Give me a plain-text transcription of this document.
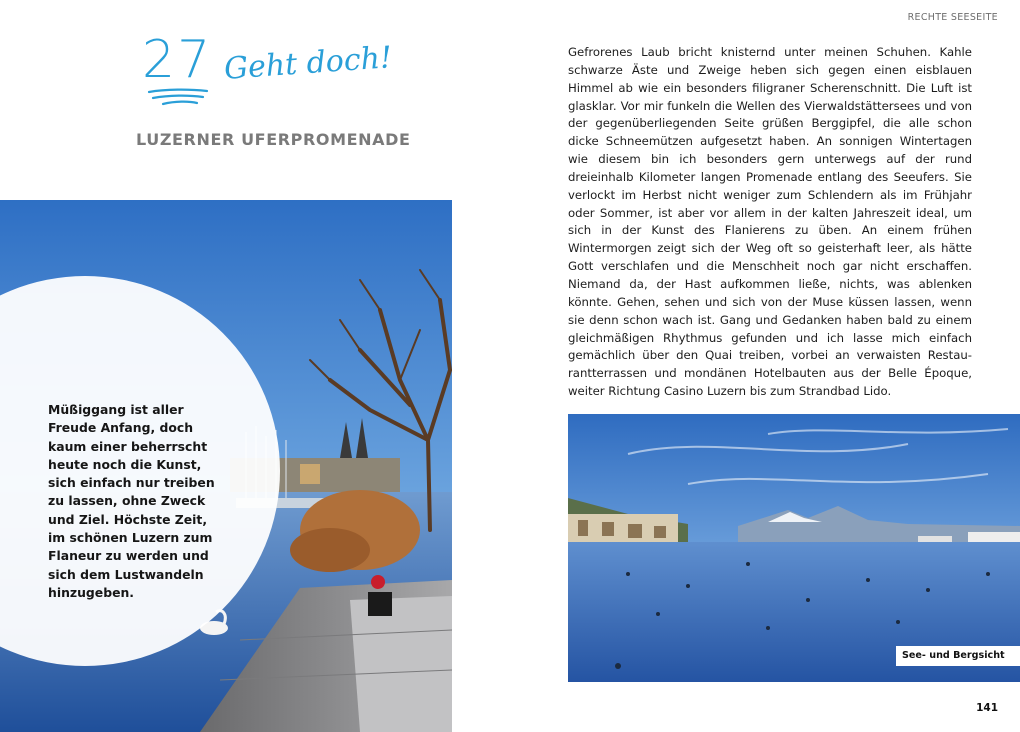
27 Geht doch!
LUZERNER UFERPROMENADE
Müßiggang ist aller Freude Anfang, doch kaum einer beherrscht heute noch die Kunst, sich einfach nur treiben zu lassen, ohne Zweck und Ziel. Höchste Zeit, im schönen Luzern zum Flaneur zu werden und sich dem Lustwandeln hinzugeben.
RECHTE SEESEITE
Gefrorenes Laub bricht knisternd unter meinen Schuhen. Kahle schwarze Äste und Zweige heben sich gegen einen eisblauen Himmel ab wie ein besonders filigraner Scherenschnitt. Die Luft ist glasklar. Vor mir funkeln die Wellen des Vierwaldstättersees und von der gegenüberliegenden Seite grüßen Berggipfel, die alle schon dicke Schneemützen aufgesetzt haben. An sonnigen Wintertagen wie diesem bin ich besonders gern unterwegs auf der rund dreieinhalb Kilometer langen Promenade entlang des Seeufers. Sie verlockt im Herbst nicht weniger zum Schlendern als im Frühjahr oder Sommer, ist aber vor allem in der kalten Jahreszeit ideal, um sich in der Kunst des Flanierens zu üben. An einem frühen Wintermorgen zeigt sich der Weg oft so geisterhaft leer, als hätte Gott verschlafen und die Menschheit noch gar nicht erschaffen. Niemand da, der Hast aufkommen ließe, nichts, was ablenken könnte. Gehen, sehen und sich von der Muse küssen lassen, wenn sie denn schon wach ist. Gang und Gedanken haben bald zu einem gleichmäßigen Rhythmus gefunden und ich lasse mich einfach gemächlich über den Quai treiben, vorbei an verwaisten Restaurantterrassen und mondänen Hotelbauten aus der Belle Époque, weiter Richtung Casino Luzern bis zum Strandbad Lido.
See- und Bergsicht
141
